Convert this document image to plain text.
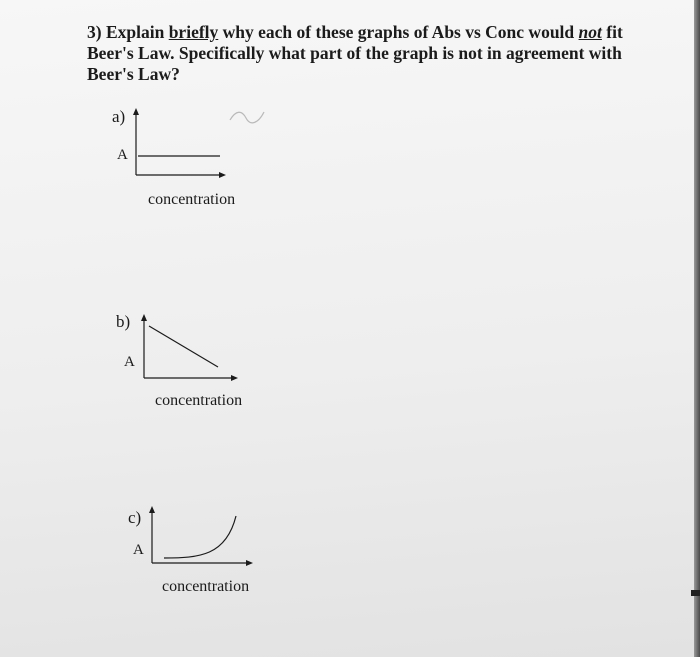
3) Explain briefly why each of these graphs of Abs vs Conc would not fit Beer's Law. Specifically what part of the graph is not in agreement with Beer's Law?

a)
A
concentration
b)
A
concentration
c)
A
concentration
